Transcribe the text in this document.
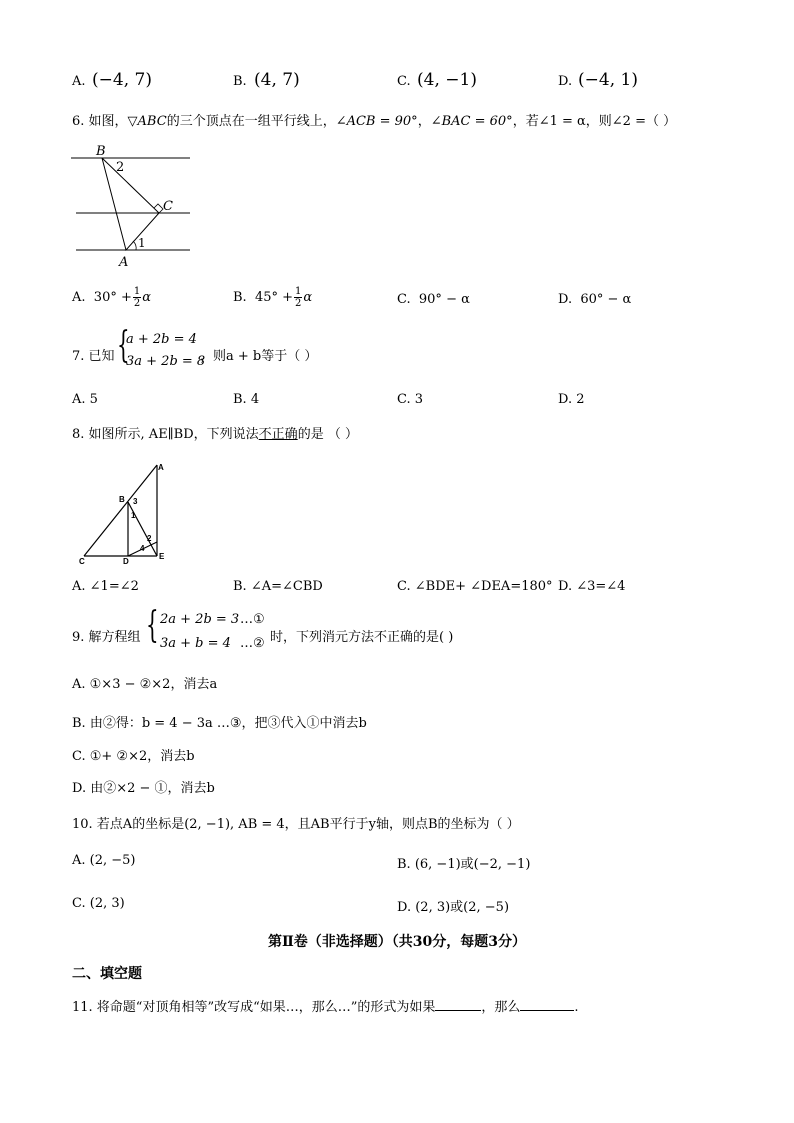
A. (−4, 7)	B. (4, 7)	C. (4, −1)	D. (−4, 1)
6. 如图，▽ABC的三个顶点在一组平行线上，∠ACB = 90°，∠BAC = 60°，若∠1 = α，则∠2 =（ ）
B
2
C
A
1
A. $30^\circ + \frac{1}{2}$ α	B. $45^\circ + \frac{1}{2}$ α	C. 90° − α	D. 60° − α
7. 已知 {
a + 2b = 4
3a + 2b = 8
，则a + b等于（ ）
A. 5	B. 4	C. 3	D. 2
8. 如图所示, AE∥BD，下列说法不正确的是 （ ）
A
B
C	D
E
1
3
2
4
A. ∠1=∠2	B. ∠A=∠CBD	C. ∠BDE+ ∠DEA=180° D. ∠3=∠4
9. 解方程组 { 2a + 2b = 3 …①
3a + b = 4 …② 时，下列消元方法不正确的是( )
A. ①×3 − ②×2，消去a
B. 由②得：b = 4 − 3a …③，把③代入①中消去b
C. ①+ ②×2，消去b
D. 由②×2 − ①，消去b
10. 若点A的坐标是(2, −1), AB = 4，且AB平行于y轴，则点B的坐标为（ ）
A. (2, −5)	B. (6, −1)或(−2, −1)
C. (2, 3)	D. (2, 3)或(2, −5)
第Ⅱ卷（非选择题）（共30分，每题3分）
二、填空题
11. 将命题“对顶角相等”改写成“如果…，那么…”的形式为如果	，那么	.
